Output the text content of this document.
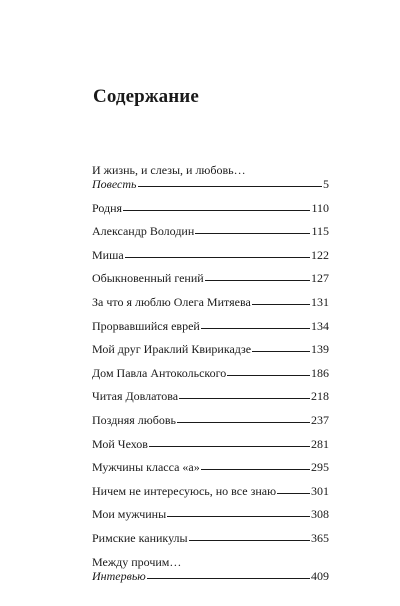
Содержание
И жизнь, и слезы, и любовь…
Повесть	5
Родня	110
Александр Володин	115
Миша	122
Обыкновенный гений	127
За что я люблю Олега Митяева	131
Прорвавшийся еврей	134
Мой друг Ираклий Квирикадзе	139
Дом Павла Антокольского	186
Читая Довлатова	218
Поздняя любовь	237
Мой Чехов	281
Мужчины класса «а»	295
Ничем не интересуюсь, но все знаю	301
Мои мужчины	308
Римские каникулы	365
Между прочим…
Интервью	409
